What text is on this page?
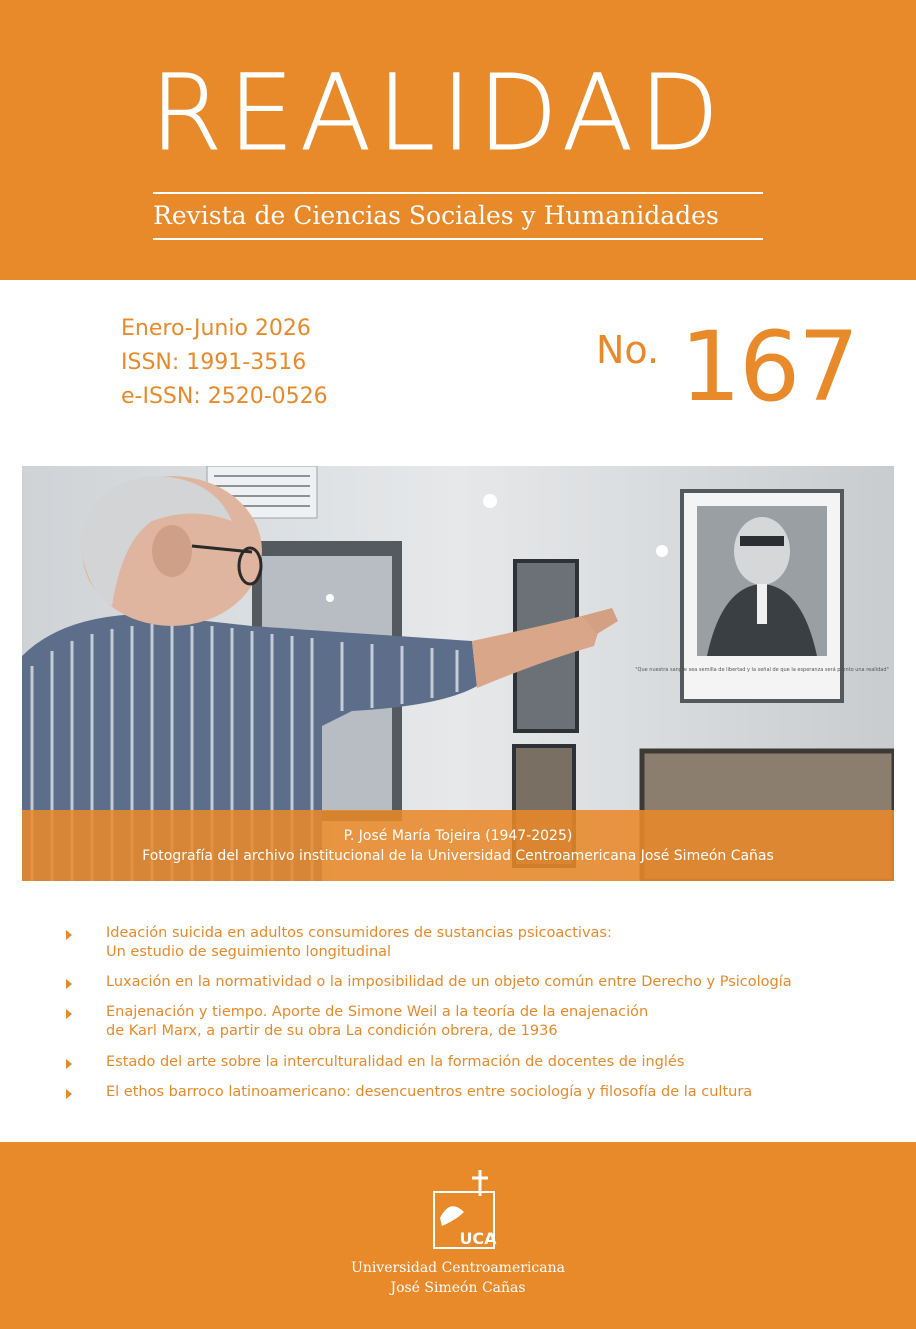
REALIDAD
Revista de Ciencias Sociales y Humanidades
Enero-Junio 2026
ISSN: 1991-3516
e-ISSN: 2520-0526
No. 167
"Que nuestra sangre sea semilla de libertad y la señal de que la esperanza será pronto una realidad"
P. José María Tojeira (1947-2025)
Fotografía del archivo institucional de la Universidad Centroamericana José Simeón Cañas
Ideación suicida en adultos consumidores de sustancias psicoactivas:
Un estudio de seguimiento longitudinal
Luxación en la normatividad o la imposibilidad de un objeto común entre Derecho y Psicología
Enajenación y tiempo. Aporte de Simone Weil a la teoría de la enajenación
de Karl Marx, a partir de su obra La condición obrera, de 1936
Estado del arte sobre la interculturalidad en la formación de docentes de inglés
El ethos barroco latinoamericano: desencuentros entre sociología y filosofía de la cultura
UCA
Universidad Centroamericana
José Simeón Cañas
